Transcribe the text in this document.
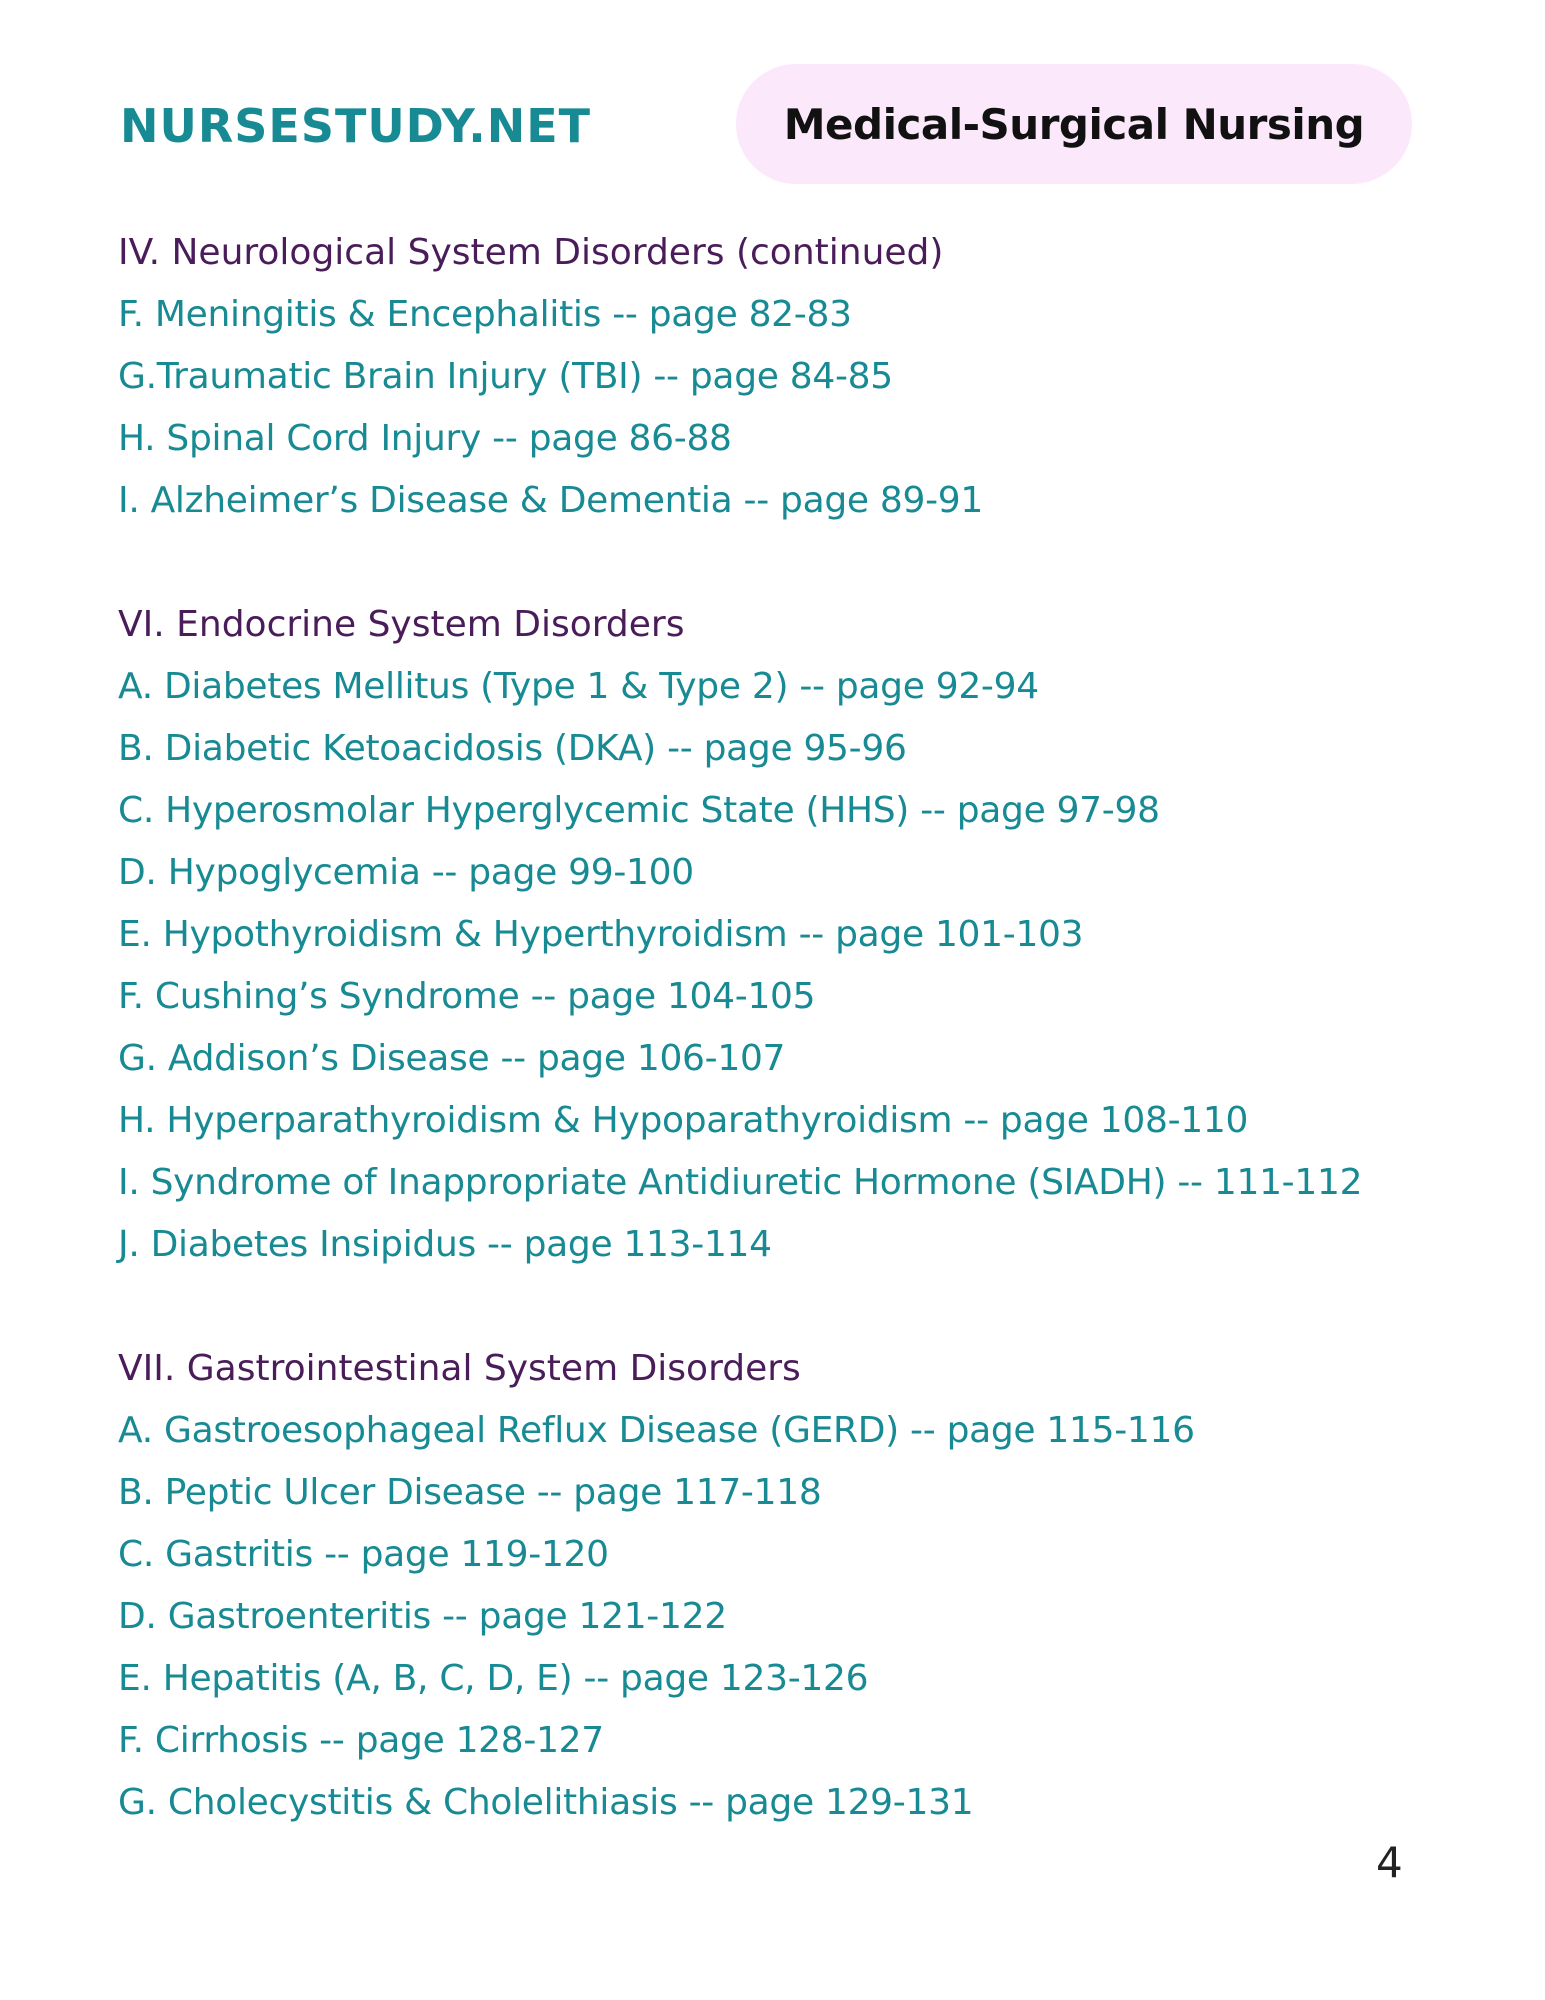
NURSESTUDY.NET	Medical-Surgical Nursing
IV. Neurological System Disorders (continued)
F. Meningitis & Encephalitis -- page 82-83
G.Traumatic Brain Injury (TBI) -- page 84-85
H. Spinal Cord Injury -- page 86-88
I. Alzheimer’s Disease & Dementia -- page 89-91
VI. Endocrine System Disorders
A. Diabetes Mellitus (Type 1 & Type 2) -- page 92-94
B. Diabetic Ketoacidosis (DKA) -- page 95-96
C. Hyperosmolar Hyperglycemic State (HHS) -- page 97-98
D. Hypoglycemia -- page 99-100
E. Hypothyroidism & Hyperthyroidism -- page 101-103
F. Cushing’s Syndrome -- page 104-105
G. Addison’s Disease -- page 106-107
H. Hyperparathyroidism & Hypoparathyroidism -- page 108-110
I. Syndrome of Inappropriate Antidiuretic Hormone (SIADH) -- 111-112
J. Diabetes Insipidus -- page 113-114
VII. Gastrointestinal System Disorders
A. Gastroesophageal Reflux Disease (GERD) -- page 115-116
B. Peptic Ulcer Disease -- page 117-118
C. Gastritis -- page 119-120
D. Gastroenteritis -- page 121-122
E. Hepatitis (A, B, C, D, E) -- page 123-126
F. Cirrhosis -- page 128-127
G. Cholecystitis & Cholelithiasis -- page 129-131
4
